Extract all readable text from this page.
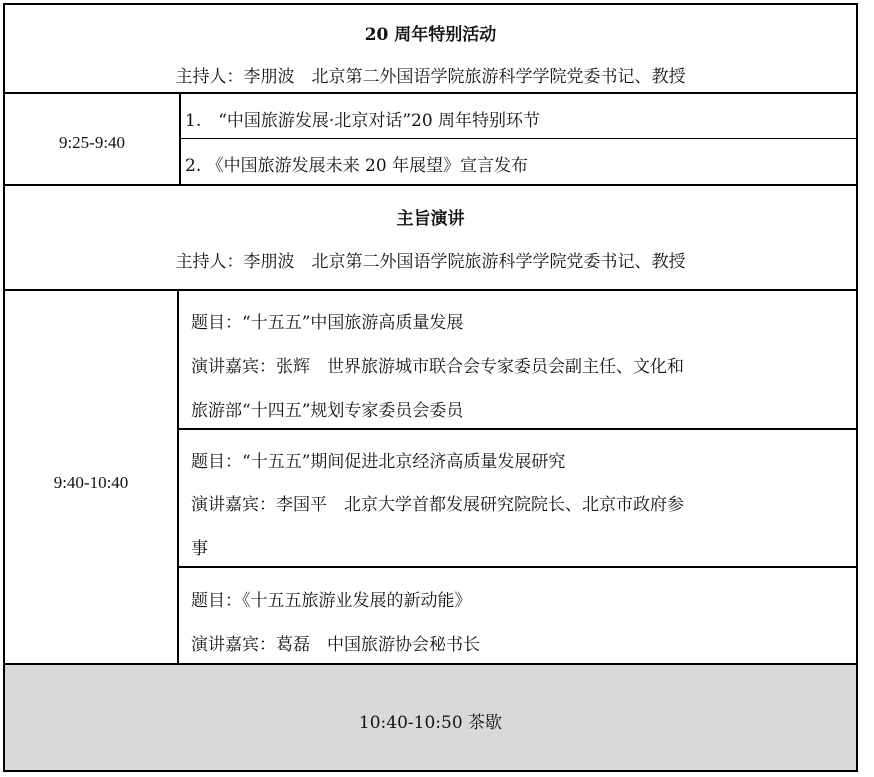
20 周年特别活动
主持人：李朋波　北京第二外国语学院旅游科学学院党委书记、教授
9:25-9:40
1.　“中国旅游发展·北京对话”20 周年特别环节
2. 《中国旅游发展未来 20 年展望》宣言发布
主旨演讲
主持人：李朋波　北京第二外国语学院旅游科学学院党委书记、教授
9:40-10:40
题目：“十五五”中国旅游高质量发展
演讲嘉宾：张辉　世界旅游城市联合会专家委员会副主任、文化和
旅游部“十四五”规划专家委员会委员
题目：“十五五”期间促进北京经济高质量发展研究
演讲嘉宾：李国平　北京大学首都发展研究院院长、北京市政府参
事
题目：《十五五旅游业发展的新动能》
演讲嘉宾：葛磊　中国旅游协会秘书长
10:40-10:50 茶歇
